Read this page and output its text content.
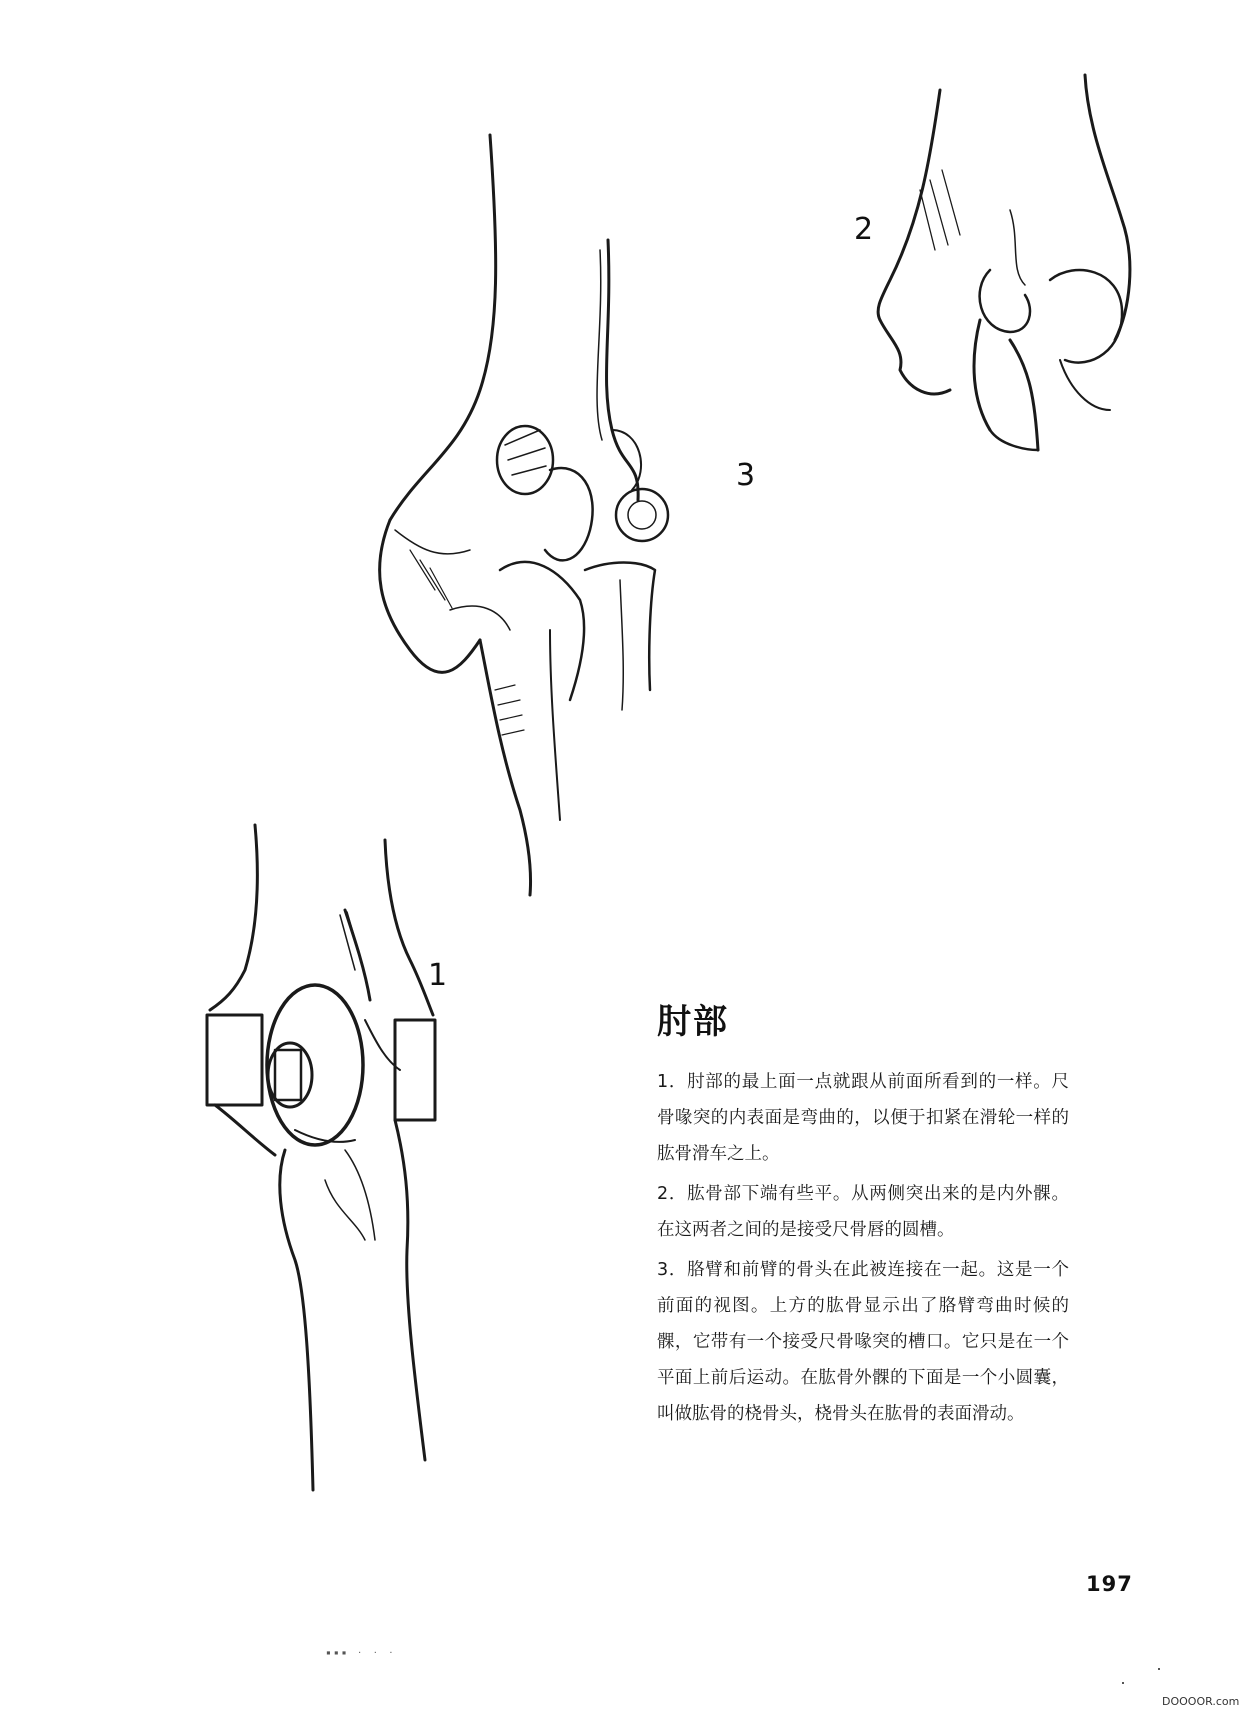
3
2
1
肘部

1．肘部的最上面一点就跟从前面所看到的一样。尺骨喙突的内表面是弯曲的，以便于扣紧在滑轮一样的肱骨滑车之上。

2．肱骨部下端有些平。从两侧突出来的是内外髁。在这两者之间的是接受尺骨唇的圆槽。

3．胳臂和前臂的骨头在此被连接在一起。这是一个前面的视图。上方的肱骨显示出了胳臂弯曲时候的髁，它带有一个接受尺骨喙突的槽口。它只是在一个平面上前后运动。在肱骨外髁的下面是一个小圆囊，叫做肱骨的桡骨头，桡骨头在肱骨的表面滑动。

197
▪▪▪ · · ·
DOOOOR.com
